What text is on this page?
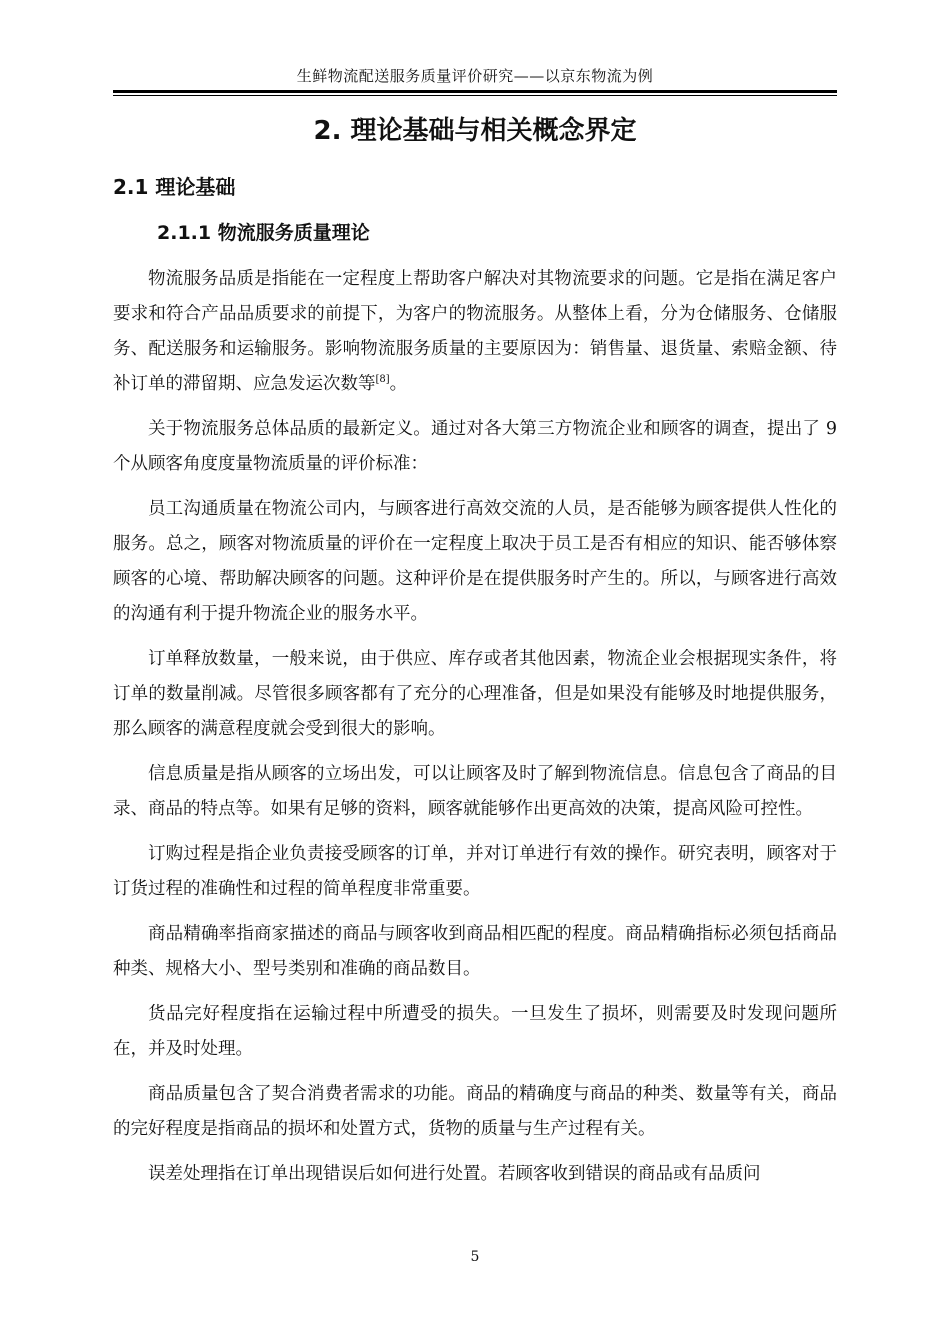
生鲜物流配送服务质量评价研究——以京东物流为例
2. 理论基础与相关概念界定
2.1 理论基础
2.1.1 物流服务质量理论

物流服务品质是指能在一定程度上帮助客户解决对其物流要求的问题。它是指在满足客户要求和符合产品品质要求的前提下，为客户的物流服务。从整体上看，分为仓储服务、仓储服务、配送服务和运输服务。影响物流服务质量的主要原因为：销售量、退货量、索赔金额、待补订单的滞留期、应急发运次数等[8]。

关于物流服务总体品质的最新定义。通过对各大第三方物流企业和顾客的调查，提出了 9 个从顾客角度度量物流质量的评价标准：

员工沟通质量在物流公司内，与顾客进行高效交流的人员，是否能够为顾客提供人性化的服务。总之，顾客对物流质量的评价在一定程度上取决于员工是否有相应的知识、能否够体察顾客的心境、帮助解决顾客的问题。这种评价是在提供服务时产生的。所以，与顾客进行高效的沟通有利于提升物流企业的服务水平。

订单释放数量，一般来说，由于供应、库存或者其他因素，物流企业会根据现实条件，将订单的数量削减。尽管很多顾客都有了充分的心理准备，但是如果没有能够及时地提供服务，那么顾客的满意程度就会受到很大的影响。

信息质量是指从顾客的立场出发，可以让顾客及时了解到物流信息。信息包含了商品的目录、商品的特点等。如果有足够的资料，顾客就能够作出更高效的决策，提高风险可控性。

订购过程是指企业负责接受顾客的订单，并对订单进行有效的操作。研究表明，顾客对于订货过程的准确性和过程的简单程度非常重要。

商品精确率指商家描述的商品与顾客收到商品相匹配的程度。商品精确指标必须包括商品种类、规格大小、型号类别和准确的商品数目。

货品完好程度指在运输过程中所遭受的损失。一旦发生了损坏，则需要及时发现问题所在，并及时处理。

商品质量包含了契合消费者需求的功能。商品的精确度与商品的种类、数量等有关，商品的完好程度是指商品的损坏和处置方式，货物的质量与生产过程有关。

误差处理指在订单出现错误后如何进行处置。若顾客收到错误的商品或有品质问

5
